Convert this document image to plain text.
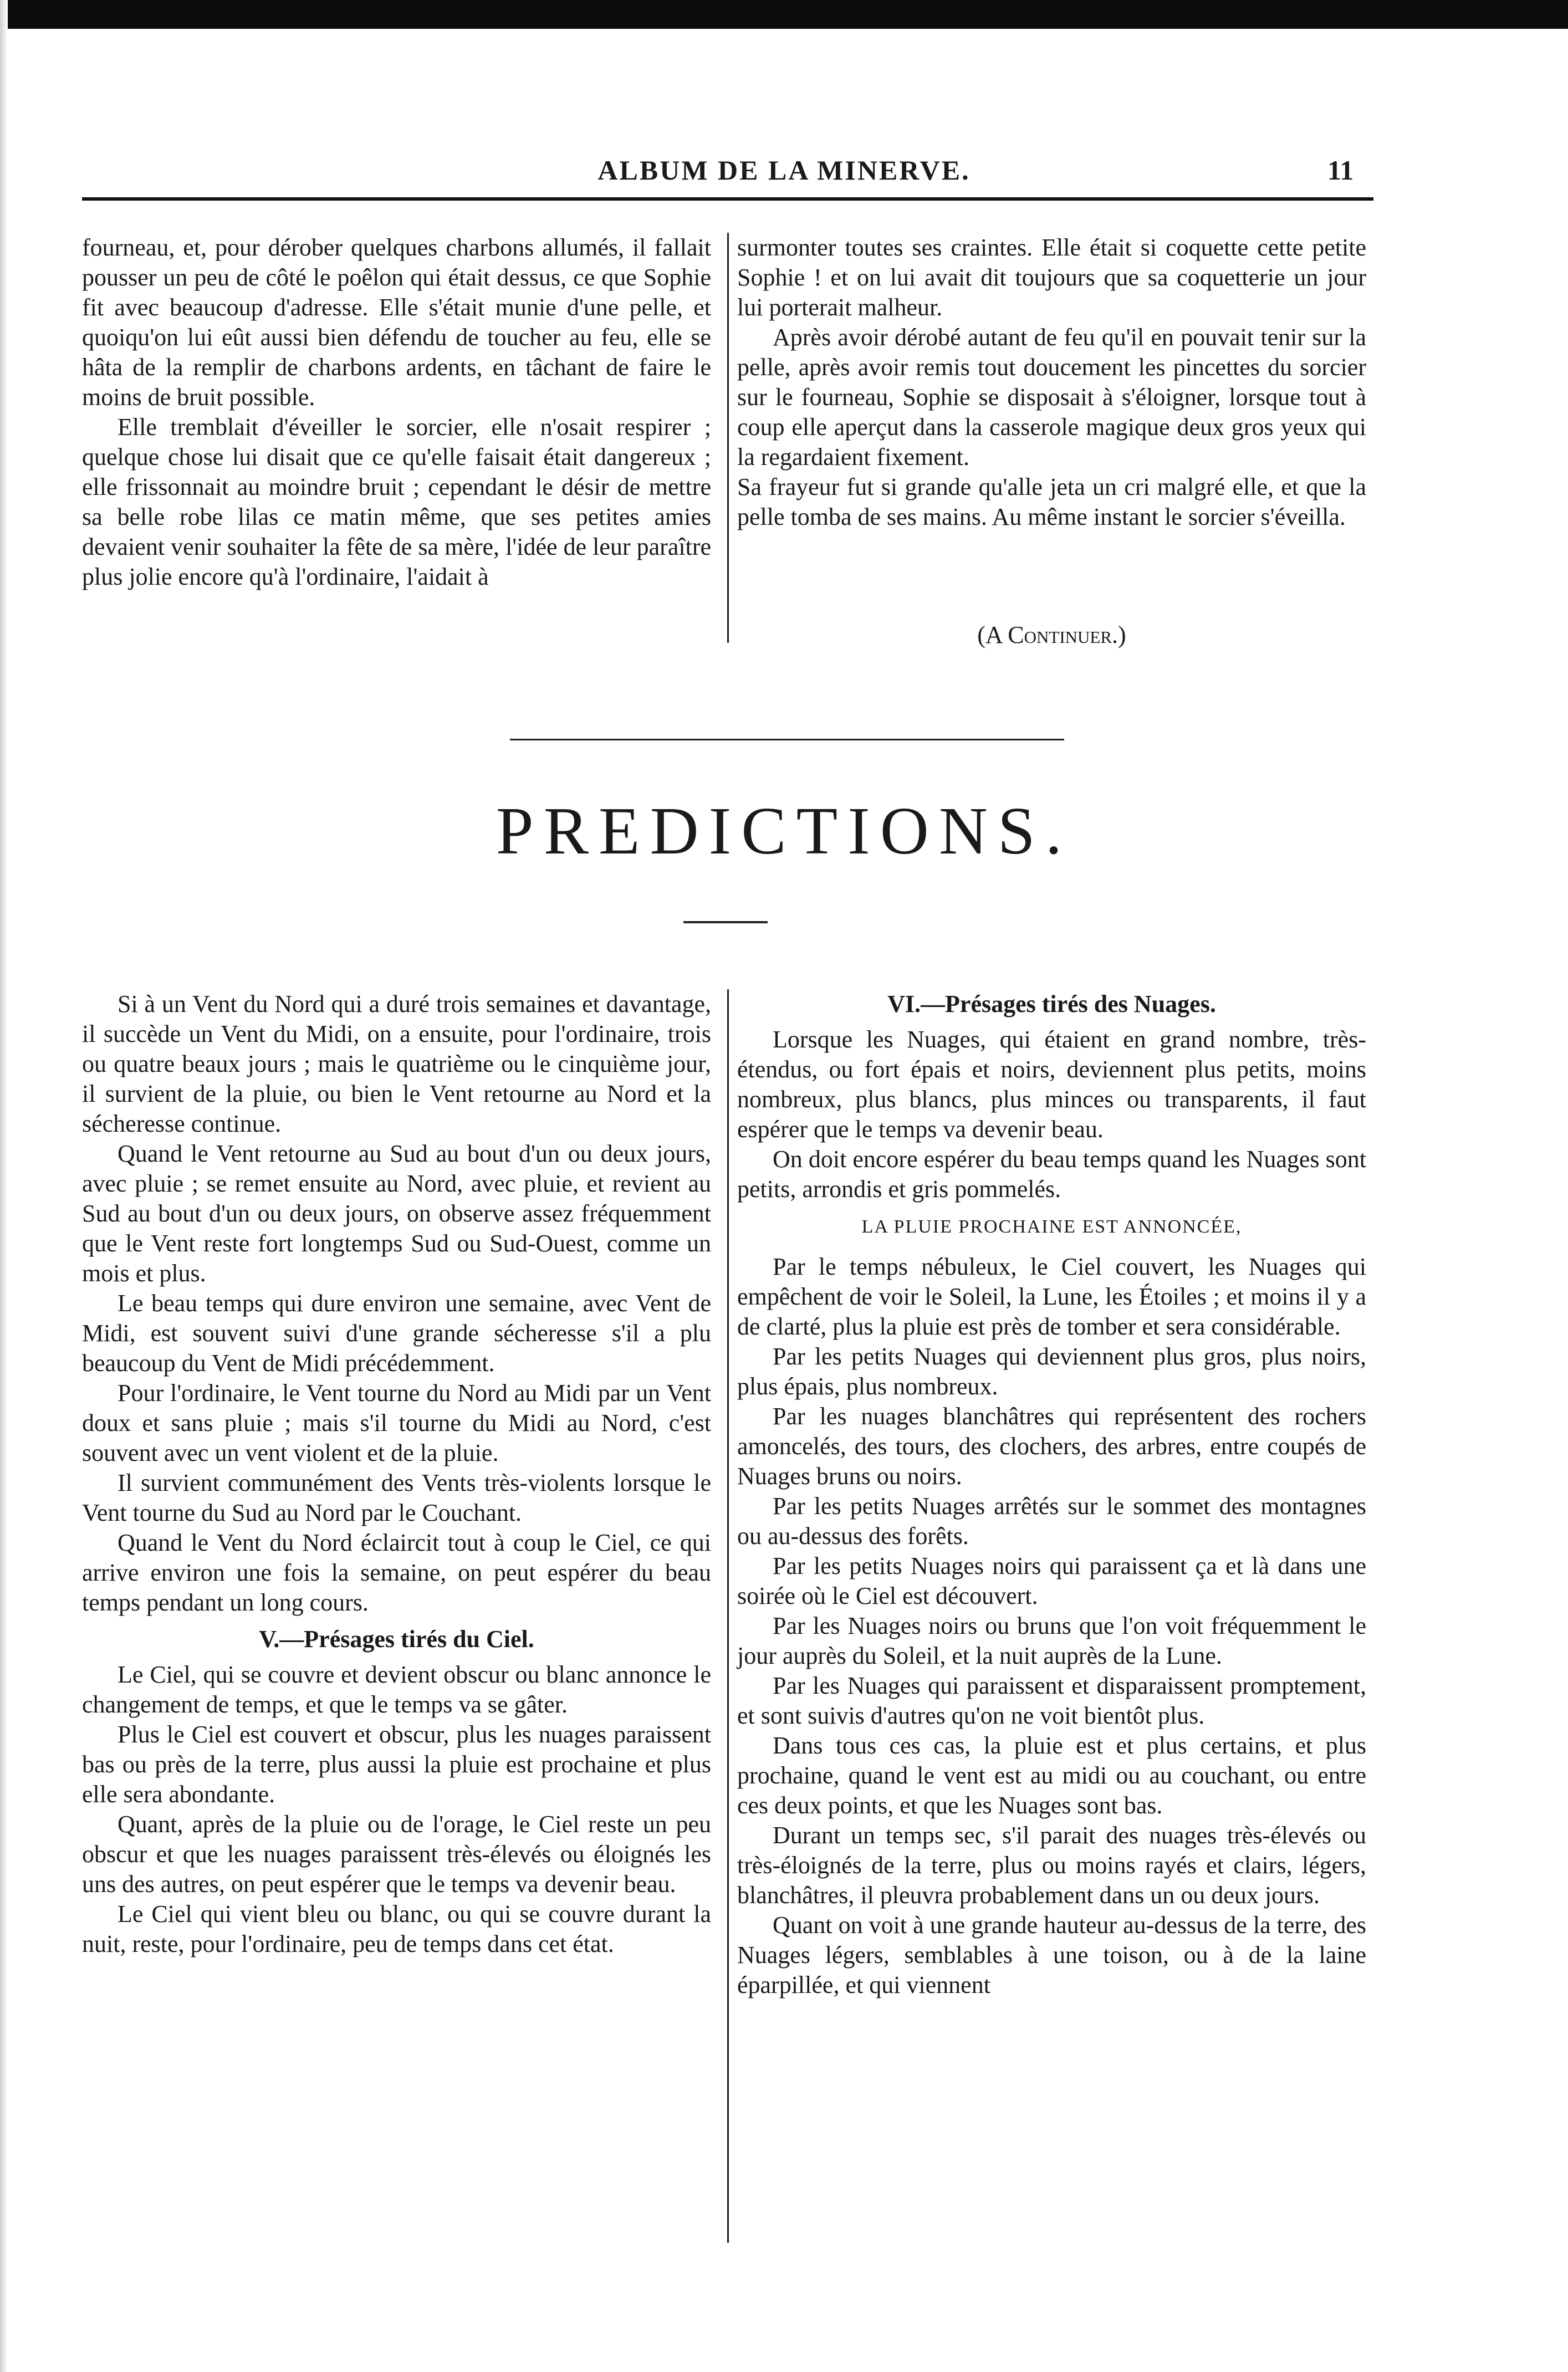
ALBUM DE LA MINERVE.	11

fourneau, et, pour dérober quelques charbons allumés, il fallait pousser un peu de côté le poêlon qui était dessus, ce que Sophie fit avec beaucoup d'adresse. Elle s'était munie d'une pelle, et quoiqu'on lui eût aussi bien défendu de toucher au feu, elle se hâta de la remplir de charbons ardents, en tâchant de faire le moins de bruit possible.

Elle tremblait d'éveiller le sorcier, elle n'osait respirer ; quelque chose lui disait que ce qu'elle faisait était dangereux ; elle frissonnait au moindre bruit ; cependant le désir de mettre sa belle robe lilas ce matin même, que ses petites amies devaient venir souhaiter la fête de sa mère, l'idée de leur paraître plus jolie encore qu'à l'ordinaire, l'aidait à

surmonter toutes ses craintes. Elle était si coquette cette petite Sophie ! et on lui avait dit toujours que sa coquetterie un jour lui porterait malheur.

Après avoir dérobé autant de feu qu'il en pouvait tenir sur la pelle, après avoir remis tout doucement les pincettes du sorcier sur le fourneau, Sophie se disposait à s'éloigner, lorsque tout à coup elle aperçut dans la casserole magique deux gros yeux qui la regardaient fixement.

Sa frayeur fut si grande qu'alle jeta un cri malgré elle, et que la pelle tomba de ses mains. Au même instant le sorcier s'éveilla.

(A Continuer.)
PREDICTIONS.

Si à un Vent du Nord qui a duré trois semaines et davantage, il succède un Vent du Midi, on a ensuite, pour l'ordinaire, trois ou quatre beaux jours ; mais le quatrième ou le cinquième jour, il survient de la pluie, ou bien le Vent retourne au Nord et la sécheresse continue.

Quand le Vent retourne au Sud au bout d'un ou deux jours, avec pluie ; se remet ensuite au Nord, avec pluie, et revient au Sud au bout d'un ou deux jours, on observe assez fréquemment que le Vent reste fort longtemps Sud ou Sud-Ouest, comme un mois et plus.

Le beau temps qui dure environ une semaine, avec Vent de Midi, est souvent suivi d'une grande sécheresse s'il a plu beaucoup du Vent de Midi précédemment.

Pour l'ordinaire, le Vent tourne du Nord au Midi par un Vent doux et sans pluie ; mais s'il tourne du Midi au Nord, c'est souvent avec un vent violent et de la pluie.

Il survient communément des Vents très-violents lorsque le Vent tourne du Sud au Nord par le Couchant.

Quand le Vent du Nord éclaircit tout à coup le Ciel, ce qui arrive environ une fois la semaine, on peut espérer du beau temps pendant un long cours.

V.—Présages tirés du Ciel.

Le Ciel, qui se couvre et devient obscur ou blanc annonce le changement de temps, et que le temps va se gâter.

Plus le Ciel est couvert et obscur, plus les nuages paraissent bas ou près de la terre, plus aussi la pluie est prochaine et plus elle sera abondante.

Quant, après de la pluie ou de l'orage, le Ciel reste un peu obscur et que les nuages paraissent très-élevés ou éloignés les uns des autres, on peut espérer que le temps va devenir beau.

Le Ciel qui vient bleu ou blanc, ou qui se couvre durant la nuit, reste, pour l'ordinaire, peu de temps dans cet état.

VI.—Présages tirés des Nuages.

Lorsque les Nuages, qui étaient en grand nombre, très-étendus, ou fort épais et noirs, deviennent plus petits, moins nombreux, plus blancs, plus minces ou transparents, il faut espérer que le temps va devenir beau.

On doit encore espérer du beau temps quand les Nuages sont petits, arrondis et gris pommelés.

LA PLUIE PROCHAINE EST ANNONCÉE,

Par le temps nébuleux, le Ciel couvert, les Nuages qui empêchent de voir le Soleil, la Lune, les Étoiles ; et moins il y a de clarté, plus la pluie est près de tomber et sera considérable.

Par les petits Nuages qui deviennent plus gros, plus noirs, plus épais, plus nombreux.

Par les nuages blanchâtres qui représentent des rochers amoncelés, des tours, des clochers, des arbres, entre coupés de Nuages bruns ou noirs.

Par les petits Nuages arrêtés sur le sommet des montagnes ou au-dessus des forêts.

Par les petits Nuages noirs qui paraissent ça et là dans une soirée où le Ciel est découvert.

Par les Nuages noirs ou bruns que l'on voit fréquemment le jour auprès du Soleil, et la nuit auprès de la Lune.

Par les Nuages qui paraissent et disparaissent promptement, et sont suivis d'autres qu'on ne voit bientôt plus.

Dans tous ces cas, la pluie est et plus certains, et plus prochaine, quand le vent est au midi ou au couchant, ou entre ces deux points, et que les Nuages sont bas.

Durant un temps sec, s'il parait des nuages très-élevés ou très-éloignés de la terre, plus ou moins rayés et clairs, légers, blanchâtres, il pleuvra probablement dans un ou deux jours.

Quant on voit à une grande hauteur au-dessus de la terre, des Nuages légers, semblables à une toison, ou à de la laine éparpillée, et qui viennent
